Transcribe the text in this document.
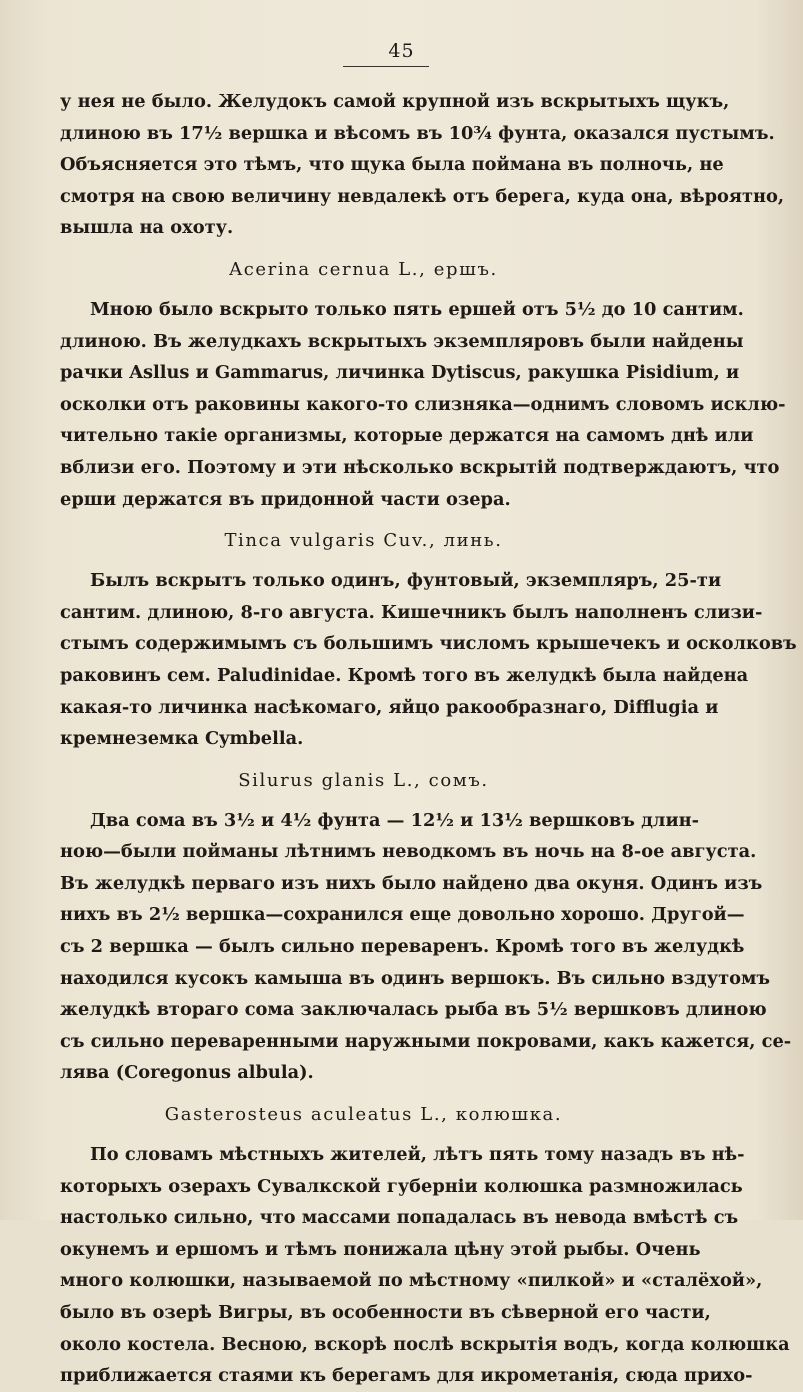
45

у нея не было. Желудокъ самой крупной изъ вскрытыхъ щукъ,
длиною въ 17½ вершка и вѣсомъ въ 10¾ фунта, оказался пустымъ.
Объясняется это тѣмъ, что щука была поймана въ полночь, не
смотря на свою величину невдалекѣ отъ берега, куда она, вѣроятно,
вышла на охоту.

Acerina cernua L., ершъ.

Мною было вскрыто только пять ершей отъ 5½ до 10 сантим.
длиною. Въ желудкахъ вскрытыхъ экземпляровъ были найдены
рачки Asllus и Gammarus, личинка Dytiscus, ракушка Pisidium, и
осколки отъ раковины какого-то слизняка—однимъ словомъ исклю-
чительно такіе организмы, которые держатся на самомъ днѣ или
вблизи его. Поэтому и эти нѣсколько вскрытій подтверждаютъ, что
ерши держатся въ придонной части озера.

Tinca vulgaris Cuv., линь.

Былъ вскрытъ только одинъ, фунтовый, экземпляръ, 25-ти
сантим. длиною, 8-го августа. Кишечникъ былъ наполненъ слизи-
стымъ содержимымъ съ большимъ числомъ крышечекъ и осколковъ
раковинъ сем. Paludinidae. Кромѣ того въ желудкѣ была найдена
какая-то личинка насѣкомаго, яйцо ракообразнаго, Difflugia и
кремнеземка Cymbella.

Silurus glanis L., сомъ.

Два сома въ 3½ и 4½ фунта — 12½ и 13½ вершковъ длин-
ною—были пойманы лѣтнимъ неводкомъ въ ночь на 8-ое августа.
Въ желудкѣ перваго изъ нихъ было найдено два окуня. Одинъ изъ
нихъ въ 2½ вершка—сохранился еще довольно хорошо. Другой—
съ 2 вершка — былъ сильно переваренъ. Кромѣ того въ желудкѣ
находился кусокъ камыша въ одинъ вершокъ. Въ сильно вздутомъ
желудкѣ втораго сома заключалась рыба въ 5½ вершковъ длиною
съ сильно переваренными наружными покровами, какъ кажется, се-
лява (Coregonus albula).

Gasterosteus aculeatus L., колюшка.

По словамъ мѣстныхъ жителей, лѣтъ пять тому назадъ въ нѣ-
которыхъ озерахъ Сувалкской губерніи колюшка размножилась
настолько сильно, что массами попадалась въ невода вмѣстѣ съ
окунемъ и ершомъ и тѣмъ понижала цѣну этой рыбы. Очень
много колюшки, называемой по мѣстному «пилкой» и «сталёхой»,
было въ озерѣ Вигры, въ особенности въ сѣверной его части,
около костела. Весною, вскорѣ послѣ вскрытія водъ, когда колюшка
приближается стаями къ берегамъ для икрометанія, сюда прихо-
